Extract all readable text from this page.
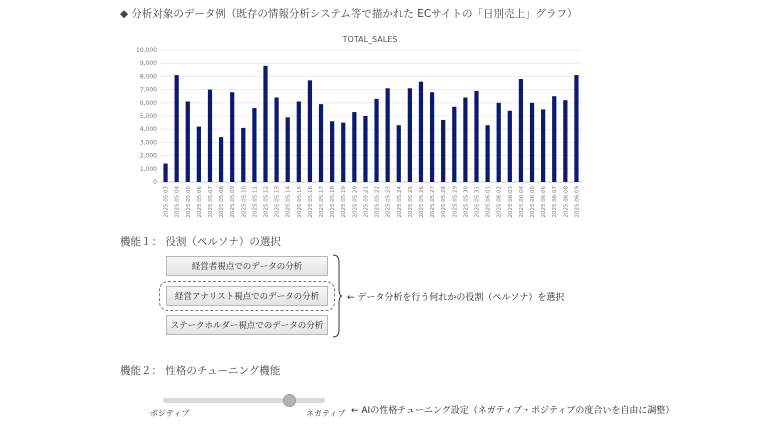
◆ 分析対象のデータ例（既存の情報分析システム等で描かれた ECサイトの「日別売上」グラフ）
TOTAL_SALES
0
1,000
2,000
3,000
4,000
5,000
6,000
7,000
8,000
9,000
10,000
2025.05.03 2025.05.04 2025.05.05 2025.05.06 2025.05.07 2025.05.08 2025.05.09 2025.05.10 2025.05.11 2025.05.12 2025.05.13 2025.05.14 2025.05.15 2025.05.16 2025.05.17 2025.05.18 2025.05.19 2025.05.20 2025.05.21 2025.05.22 2025.05.23 2025.05.24 2025.05.25 2025.05.26 2025.05.27 2025.05.28 2025.05.29 2025.05.30 2025.05.31 2025.06.01 2025.06.02 2025.06.03 2025.06.04 2025.06.05 2025.06.06 2025.06.07 2025.06.08 2025.06.09
機能１： 役割（ペルソナ）の選択
経営者視点でのデータの分析
経営アナリスト視点でのデータの分析
ステークホルダー視点でのデータの分析
← データ分析を行う何れかの役割（ペルソナ）を選択
機能２： 性格のチューニング機能
ポジティブ	ネガティブ ← AIの性格チューニング設定（ネガティブ・ポジティブの度合いを自由に調整）
